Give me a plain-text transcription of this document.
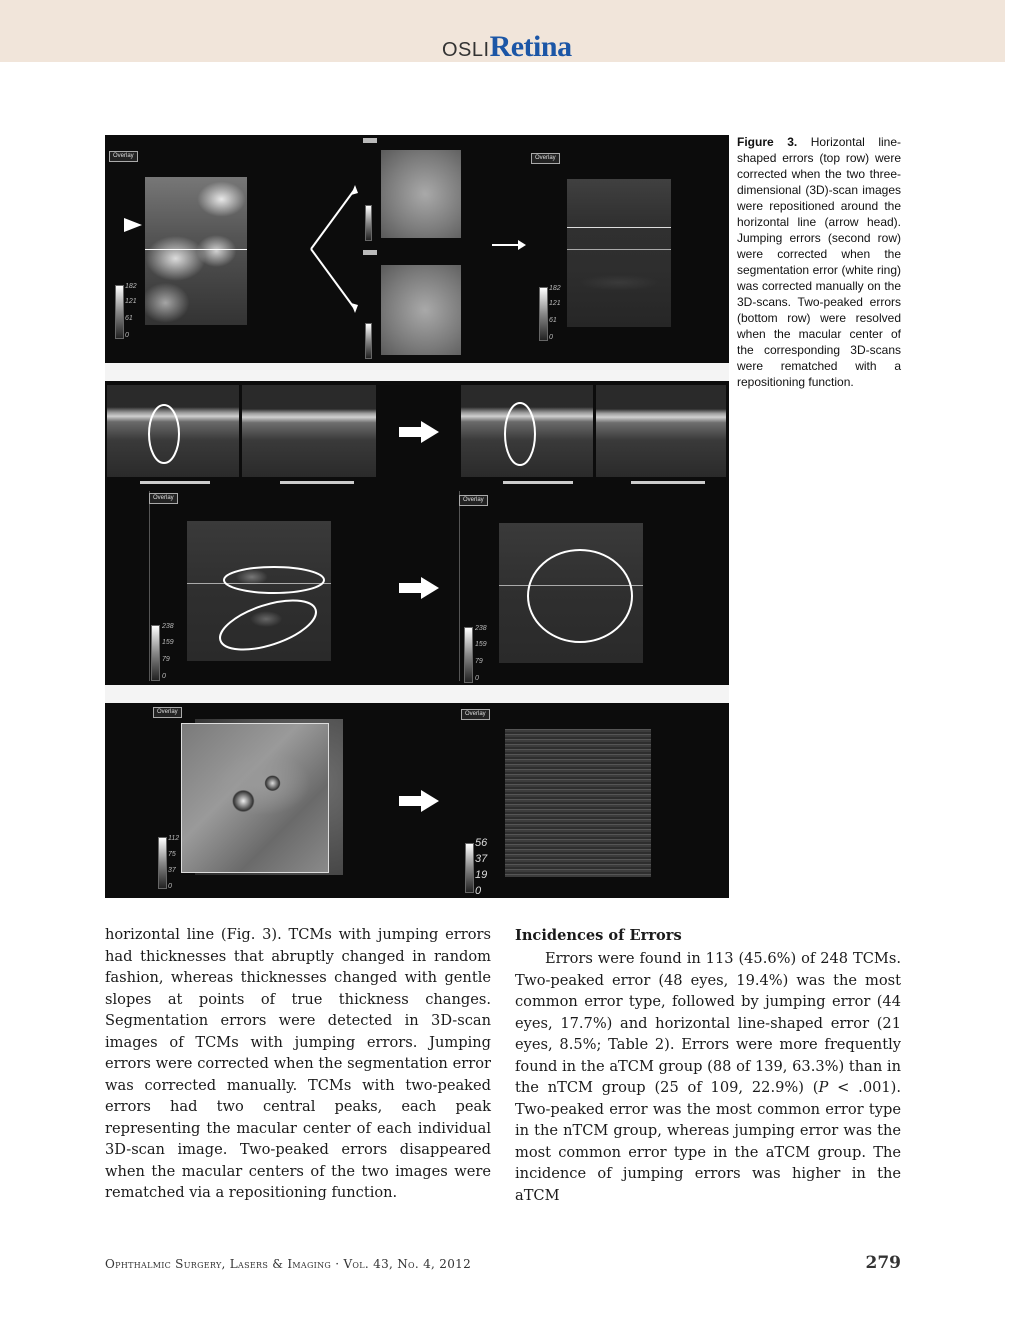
OSLIRetina
Overlay
182
121
61
0
Overlay
182
121
61
0
Overlay
238
159
79
0
Overlay
238
159
79
0
Overlay
112
75
37
0
Overlay
56
37
19
0
Figure 3. Horizontal line-shaped errors (top row) were corrected when the two three-dimensional (3D)-scan images were repositioned around the horizontal line (arrow head). Jumping errors (second row) were corrected when the segmentation error (white ring) was corrected manually on the 3D-scans. Two-peaked errors (bottom row) were resolved when the macular center of the corresponding 3D-scans were rematched with a repositioning function.

horizontal line (Fig. 3). TCMs with jumping errors had thicknesses that abruptly changed in random fashion, whereas thicknesses changed with gentle slopes at points of true thickness changes. Segmentation errors were detected in 3D-scan images of TCMs with jumping errors. Jumping errors were corrected when the segmentation error was corrected manually. TCMs with two-peaked errors had two central peaks, each peak representing the macular center of each individual 3D-scan image. Two-peaked errors disappeared when the macular centers of the two images were rematched via a repositioning function.

Incidences of Errors

Errors were found in 113 (45.6%) of 248 TCMs. Two-peaked error (48 eyes, 19.4%) was the most common error type, followed by jumping error (44 eyes, 17.7%) and horizontal line-shaped error (21 eyes, 8.5%; Table 2). Errors were more frequently found in the aTCM group (88 of 139, 63.3%) than in the nTCM group (25 of 109, 22.9%) (P < .001). Two-peaked error was the most common error type in the nTCM group, whereas jumping error was the most common error type in the aTCM group. The incidence of jumping errors was higher in the aTCM

Ophthalmic Surgery, Lasers & Imaging · Vol. 43, No. 4, 2012	279
